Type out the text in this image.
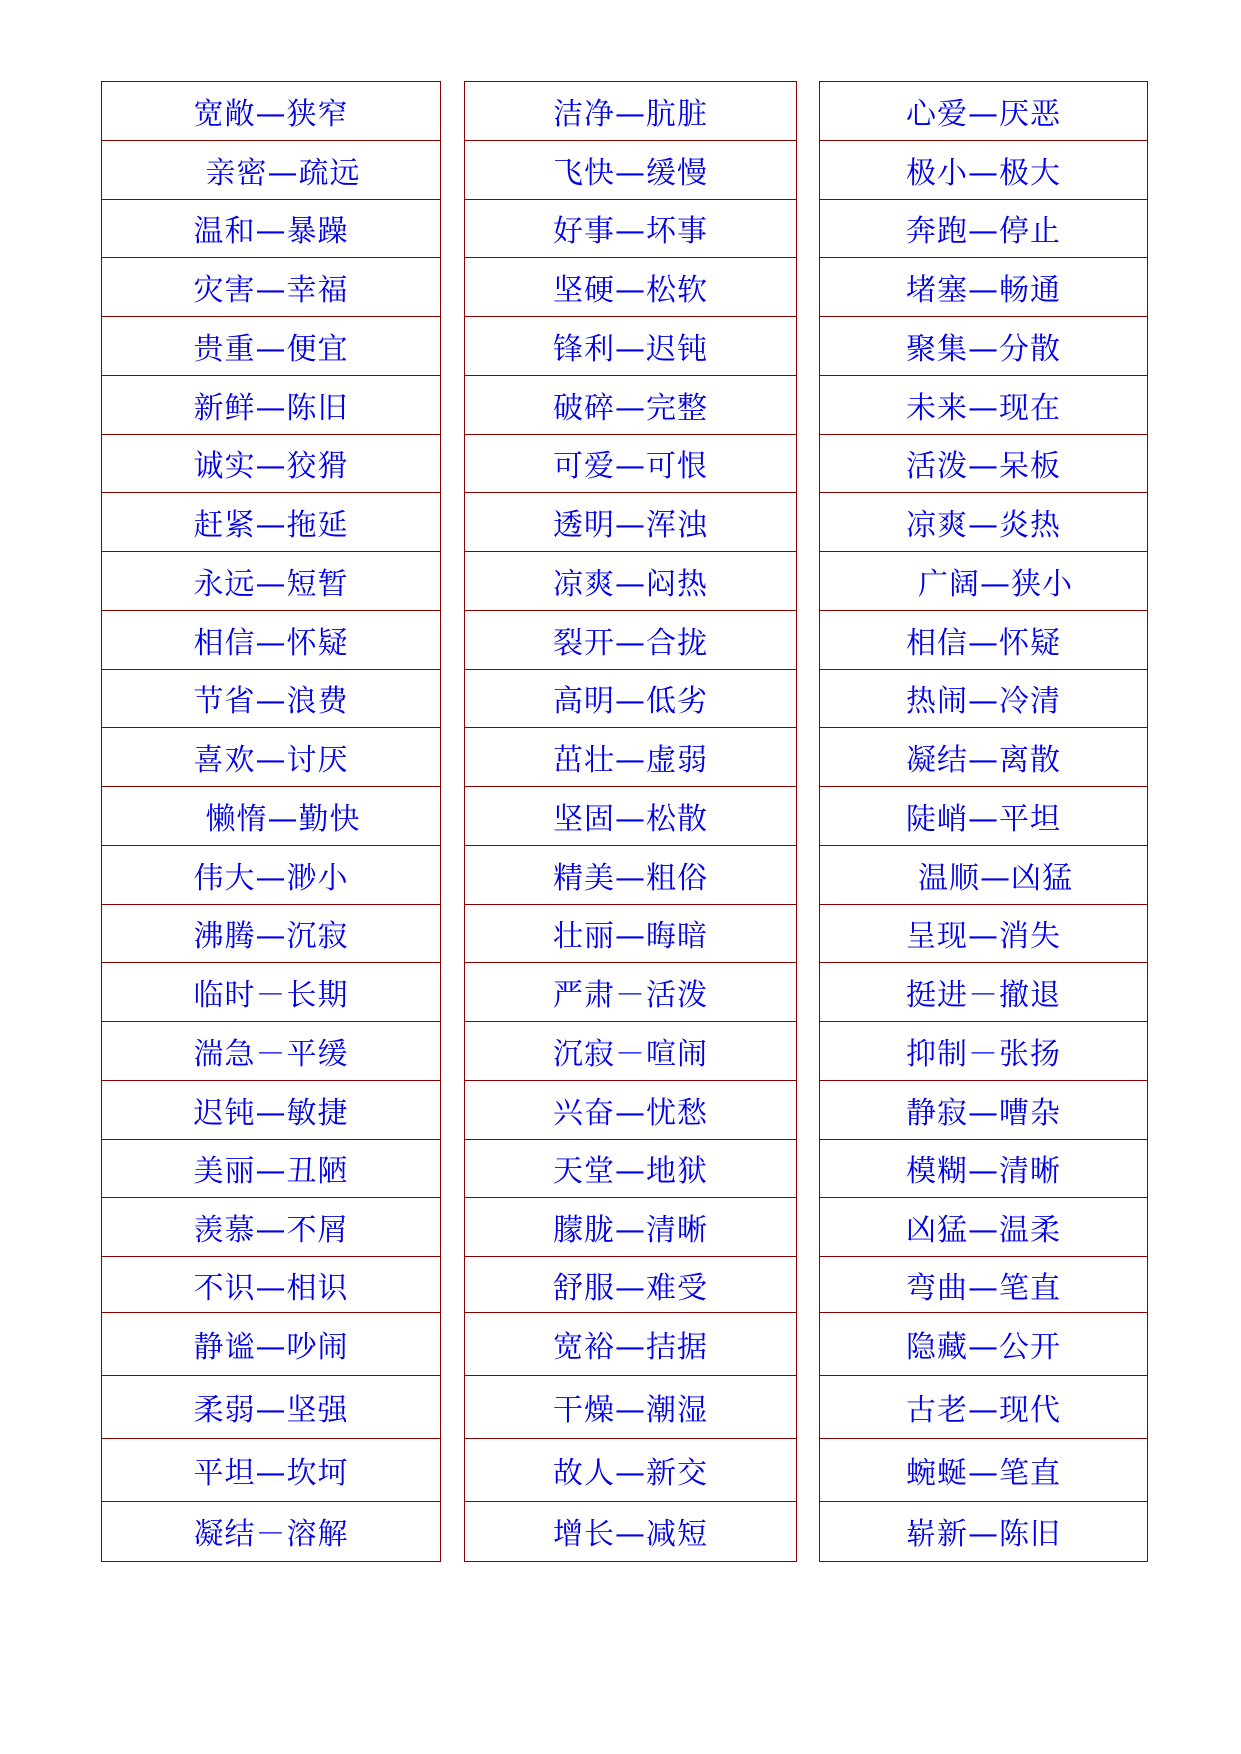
宽敞—狭窄
亲密—疏远
温和—暴躁
灾害—幸福
贵重—便宜
新鲜—陈旧
诚实—狡猾
赶紧—拖延
永远—短暂
相信—怀疑
节省—浪费
喜欢—讨厌
懒惰—勤快
伟大—渺小
沸腾—沉寂
临时－长期
湍急－平缓
迟钝—敏捷
美丽—丑陋
羡慕—不屑
不识—相识
静谧—吵闹
柔弱—坚强
平坦—坎坷
凝结－溶解
洁净—肮脏
飞快—缓慢
好事—坏事
坚硬—松软
锋利—迟钝
破碎—完整
可爱—可恨
透明—浑浊
凉爽—闷热
裂开—合拢
高明—低劣
茁壮—虚弱
坚固—松散
精美—粗俗
壮丽—晦暗
严肃－活泼
沉寂－喧闹
兴奋—忧愁
天堂—地狱
朦胧—清晰
舒服—难受
宽裕—拮据
干燥—潮湿
故人—新交
增长—减短
心爱—厌恶
极小—极大
奔跑—停止
堵塞—畅通
聚集—分散
未来—现在
活泼—呆板
凉爽—炎热
广阔—狭小
相信—怀疑
热闹—冷清
凝结—离散
陡峭—平坦
温顺—凶猛
呈现—消失
挺进－撤退
抑制－张扬
静寂—嘈杂
模糊—清晰
凶猛—温柔
弯曲—笔直
隐藏—公开
古老—现代
蜿蜒—笔直
崭新—陈旧
